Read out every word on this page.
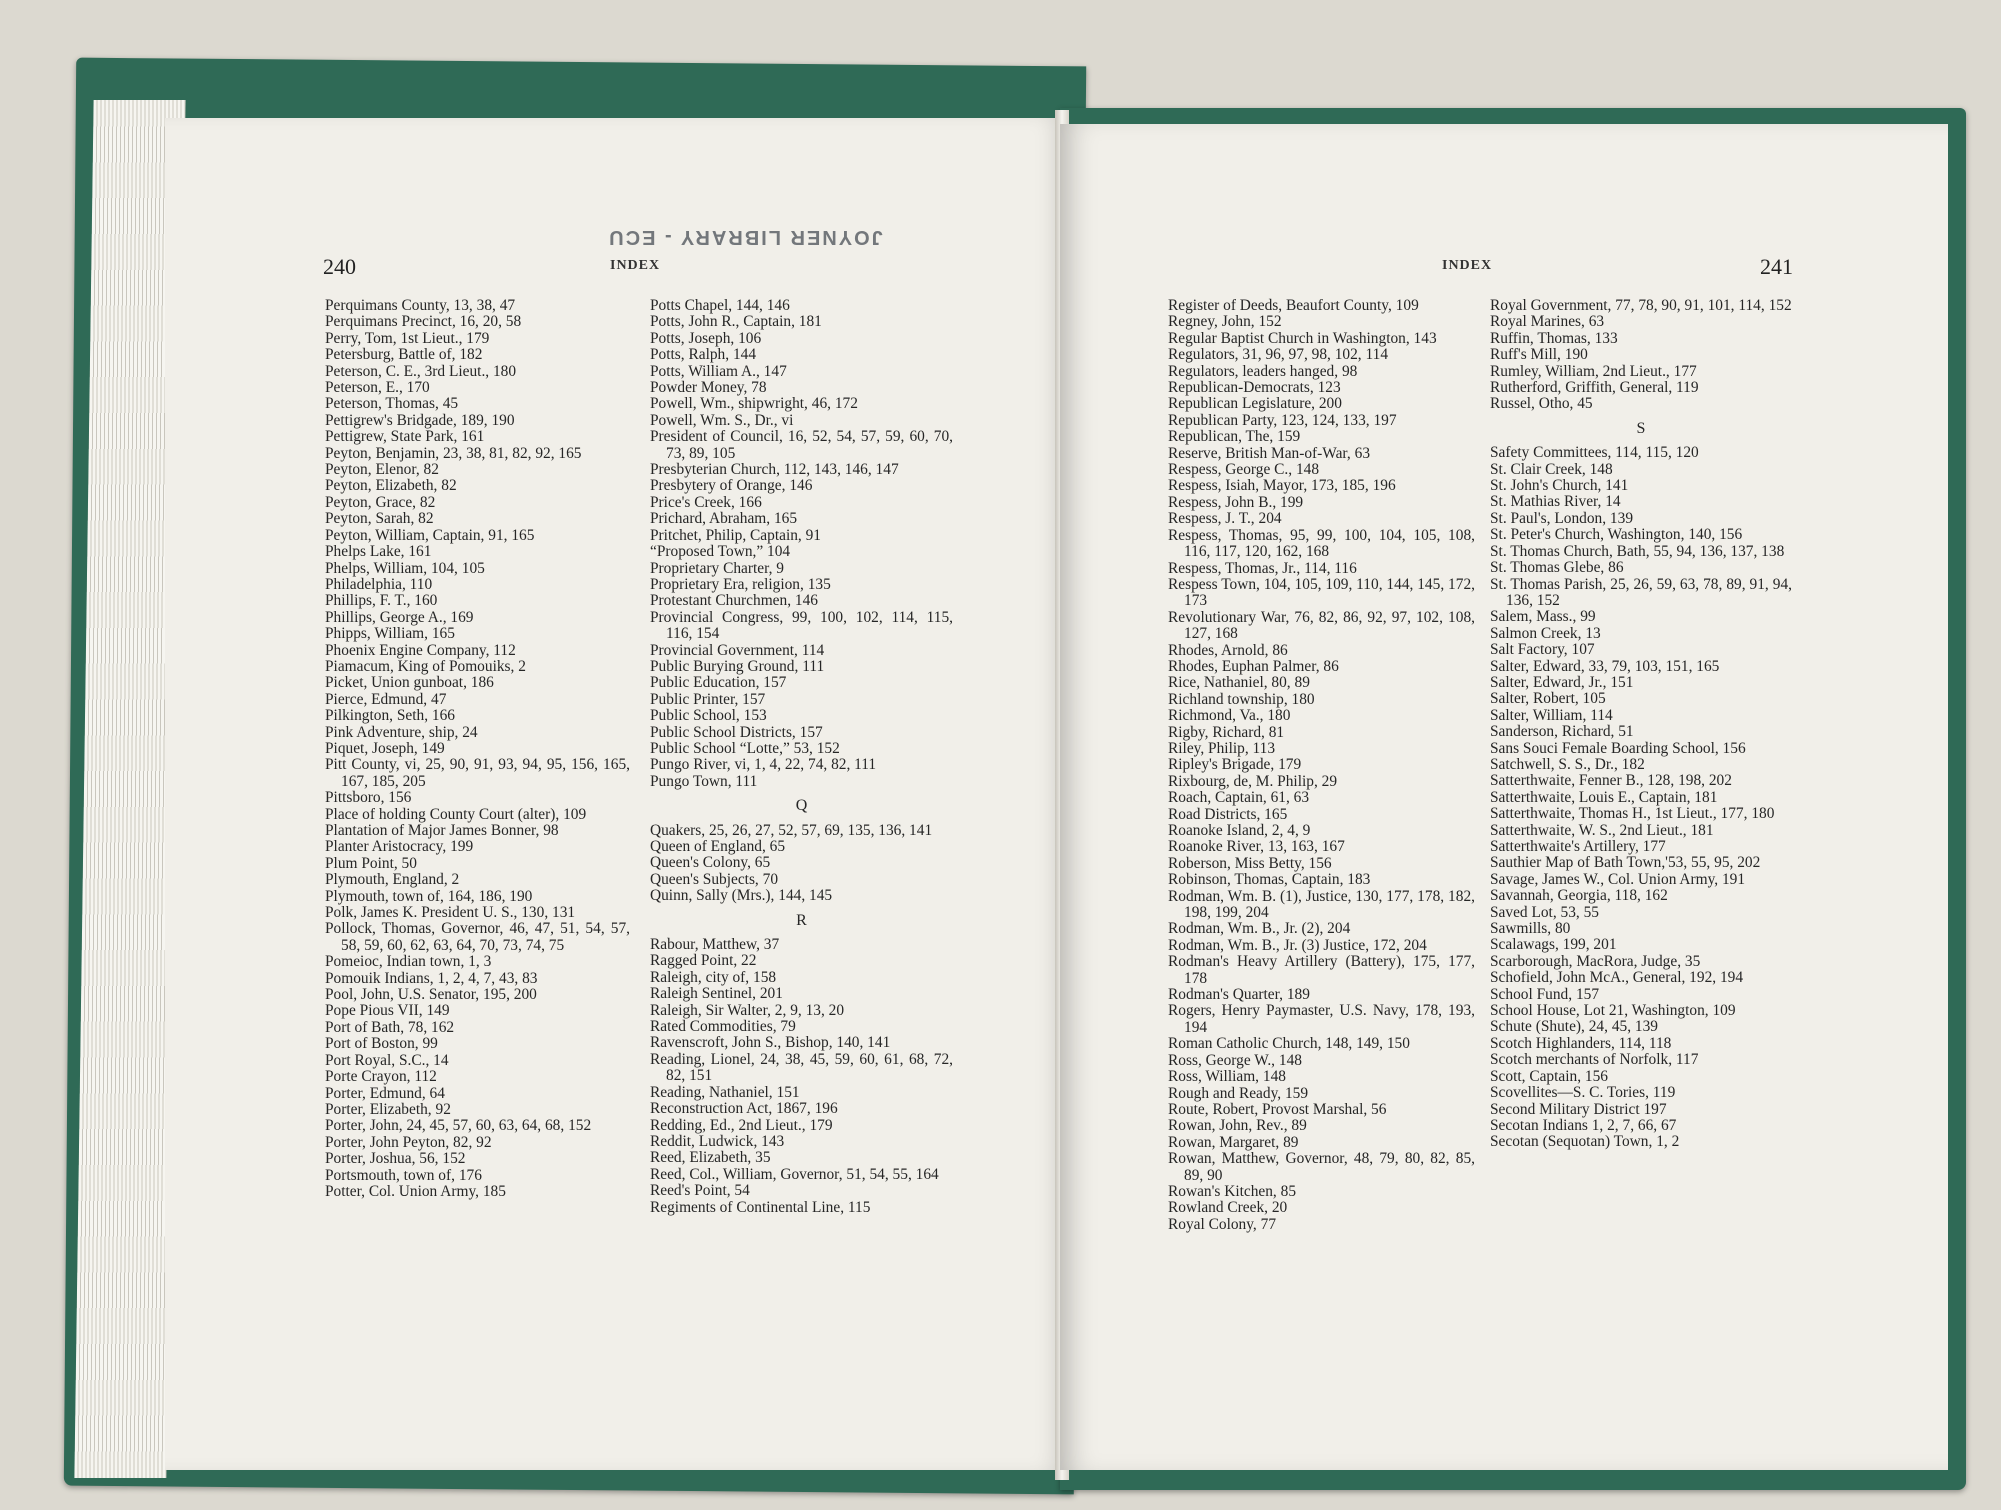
JOYNER LIBRARY - ECU
240	INDEX
Perquimans County, 13, 38, 47
Perquimans Precinct, 16, 20, 58
Perry, Tom, 1st Lieut., 179
Petersburg, Battle of, 182
Peterson, C. E., 3rd Lieut., 180
Peterson, E., 170
Peterson, Thomas, 45
Pettigrew's Bridgade, 189, 190
Pettigrew, State Park, 161
Peyton, Benjamin, 23, 38, 81, 82, 92, 165
Peyton, Elenor, 82
Peyton, Elizabeth, 82
Peyton, Grace, 82
Peyton, Sarah, 82
Peyton, William, Captain, 91, 165
Phelps Lake, 161
Phelps, William, 104, 105
Philadelphia, 110
Phillips, F. T., 160
Phillips, George A., 169
Phipps, William, 165
Phoenix Engine Company, 112
Piamacum, King of Pomouiks, 2
Picket, Union gunboat, 186
Pierce, Edmund, 47
Pilkington, Seth, 166
Pink Adventure, ship, 24
Piquet, Joseph, 149
Pitt County, vi, 25, 90, 91, 93, 94, 95, 156, 165, 167, 185, 205
Pittsboro, 156
Place of holding County Court (alter), 109
Plantation of Major James Bonner, 98
Planter Aristocracy, 199
Plum Point, 50
Plymouth, England, 2
Plymouth, town of, 164, 186, 190
Polk, James K. President U. S., 130, 131
Pollock, Thomas, Governor, 46, 47, 51, 54, 57, 58, 59, 60, 62, 63, 64, 70, 73, 74, 75
Pomeioc, Indian town, 1, 3
Pomouik Indians, 1, 2, 4, 7, 43, 83
Pool, John, U.S. Senator, 195, 200
Pope Pious VII, 149
Port of Bath, 78, 162
Port of Boston, 99
Port Royal, S.C., 14
Porte Crayon, 112
Porter, Edmund, 64
Porter, Elizabeth, 92
Porter, John, 24, 45, 57, 60, 63, 64, 68, 152
Porter, John Peyton, 82, 92
Porter, Joshua, 56, 152
Portsmouth, town of, 176
Potter, Col. Union Army, 185
Potts Chapel, 144, 146
Potts, John R., Captain, 181
Potts, Joseph, 106
Potts, Ralph, 144
Potts, William A., 147
Powder Money, 78
Powell, Wm., shipwright, 46, 172
Powell, Wm. S., Dr., vi
President of Council, 16, 52, 54, 57, 59, 60, 70, 73, 89, 105
Presbyterian Church, 112, 143, 146, 147
Presbytery of Orange, 146
Price's Creek, 166
Prichard, Abraham, 165
Pritchet, Philip, Captain, 91
“Proposed Town,” 104
Proprietary Charter, 9
Proprietary Era, religion, 135
Protestant Churchmen, 146
Provincial Congress, 99, 100, 102, 114, 115, 116, 154
Provincial Government, 114
Public Burying Ground, 111
Public Education, 157
Public Printer, 157
Public School, 153
Public School Districts, 157
Public School “Lotte,” 53, 152
Pungo River, vi, 1, 4, 22, 74, 82, 111
Pungo Town, 111
Q
Quakers, 25, 26, 27, 52, 57, 69, 135, 136, 141
Queen of England, 65
Queen's Colony, 65
Queen's Subjects, 70
Quinn, Sally (Mrs.), 144, 145
R
Rabour, Matthew, 37
Ragged Point, 22
Raleigh, city of, 158
Raleigh Sentinel, 201
Raleigh, Sir Walter, 2, 9, 13, 20
Rated Commodities, 79
Ravenscroft, John S., Bishop, 140, 141
Reading, Lionel, 24, 38, 45, 59, 60, 61, 68, 72, 82, 151
Reading, Nathaniel, 151
Reconstruction Act, 1867, 196
Redding, Ed., 2nd Lieut., 179
Reddit, Ludwick, 143
Reed, Elizabeth, 35
Reed, Col., William, Governor, 51, 54, 55, 164
Reed's Point, 54
Regiments of Continental Line, 115
INDEX	241
Register of Deeds, Beaufort County, 109
Regney, John, 152
Regular Baptist Church in Washington, 143
Regulators, 31, 96, 97, 98, 102, 114
Regulators, leaders hanged, 98
Republican-Democrats, 123
Republican Legislature, 200
Republican Party, 123, 124, 133, 197
Republican, The, 159
Reserve, British Man-of-War, 63
Respess, George C., 148
Respess, Isiah, Mayor, 173, 185, 196
Respess, John B., 199
Respess, J. T., 204
Respess, Thomas, 95, 99, 100, 104, 105, 108, 116, 117, 120, 162, 168
Respess, Thomas, Jr., 114, 116
Respess Town, 104, 105, 109, 110, 144, 145, 172, 173
Revolutionary War, 76, 82, 86, 92, 97, 102, 108, 127, 168
Rhodes, Arnold, 86
Rhodes, Euphan Palmer, 86
Rice, Nathaniel, 80, 89
Richland township, 180
Richmond, Va., 180
Rigby, Richard, 81
Riley, Philip, 113
Ripley's Brigade, 179
Rixbourg, de, M. Philip, 29
Roach, Captain, 61, 63
Road Districts, 165
Roanoke Island, 2, 4, 9
Roanoke River, 13, 163, 167
Roberson, Miss Betty, 156
Robinson, Thomas, Captain, 183
Rodman, Wm. B. (1), Justice, 130, 177, 178, 182, 198, 199, 204
Rodman, Wm. B., Jr. (2), 204
Rodman, Wm. B., Jr. (3) Justice, 172, 204
Rodman's Heavy Artillery (Battery), 175, 177, 178
Rodman's Quarter, 189
Rogers, Henry Paymaster, U.S. Navy, 178, 193, 194
Roman Catholic Church, 148, 149, 150
Ross, George W., 148
Ross, William, 148
Rough and Ready, 159
Route, Robert, Provost Marshal, 56
Rowan, John, Rev., 89
Rowan, Margaret, 89
Rowan, Matthew, Governor, 48, 79, 80, 82, 85, 89, 90
Rowan's Kitchen, 85
Rowland Creek, 20
Royal Colony, 77
Royal Government, 77, 78, 90, 91, 101, 114, 152
Royal Marines, 63
Ruffin, Thomas, 133
Ruff's Mill, 190
Rumley, William, 2nd Lieut., 177
Rutherford, Griffith, General, 119
Russel, Otho, 45
S
Safety Committees, 114, 115, 120
St. Clair Creek, 148
St. John's Church, 141
St. Mathias River, 14
St. Paul's, London, 139
St. Peter's Church, Washington, 140, 156
St. Thomas Church, Bath, 55, 94, 136, 137, 138
St. Thomas Glebe, 86
St. Thomas Parish, 25, 26, 59, 63, 78, 89, 91, 94, 136, 152
Salem, Mass., 99
Salmon Creek, 13
Salt Factory, 107
Salter, Edward, 33, 79, 103, 151, 165
Salter, Edward, Jr., 151
Salter, Robert, 105
Salter, William, 114
Sanderson, Richard, 51
Sans Souci Female Boarding School, 156
Satchwell, S. S., Dr., 182
Satterthwaite, Fenner B., 128, 198, 202
Satterthwaite, Louis E., Captain, 181
Satterthwaite, Thomas H., 1st Lieut., 177, 180
Satterthwaite, W. S., 2nd Lieut., 181
Satterthwaite's Artillery, 177
Sauthier Map of Bath Town,'53, 55, 95, 202
Savage, James W., Col. Union Army, 191
Savannah, Georgia, 118, 162
Saved Lot, 53, 55
Sawmills, 80
Scalawags, 199, 201
Scarborough, MacRora, Judge, 35
Schofield, John McA., General, 192, 194
School Fund, 157
School House, Lot 21, Washington, 109
Schute (Shute), 24, 45, 139
Scotch Highlanders, 114, 118
Scotch merchants of Norfolk, 117
Scott, Captain, 156
Scovellites—S. C. Tories, 119
Second Military District 197
Secotan Indians 1, 2, 7, 66, 67
Secotan (Sequotan) Town, 1, 2
